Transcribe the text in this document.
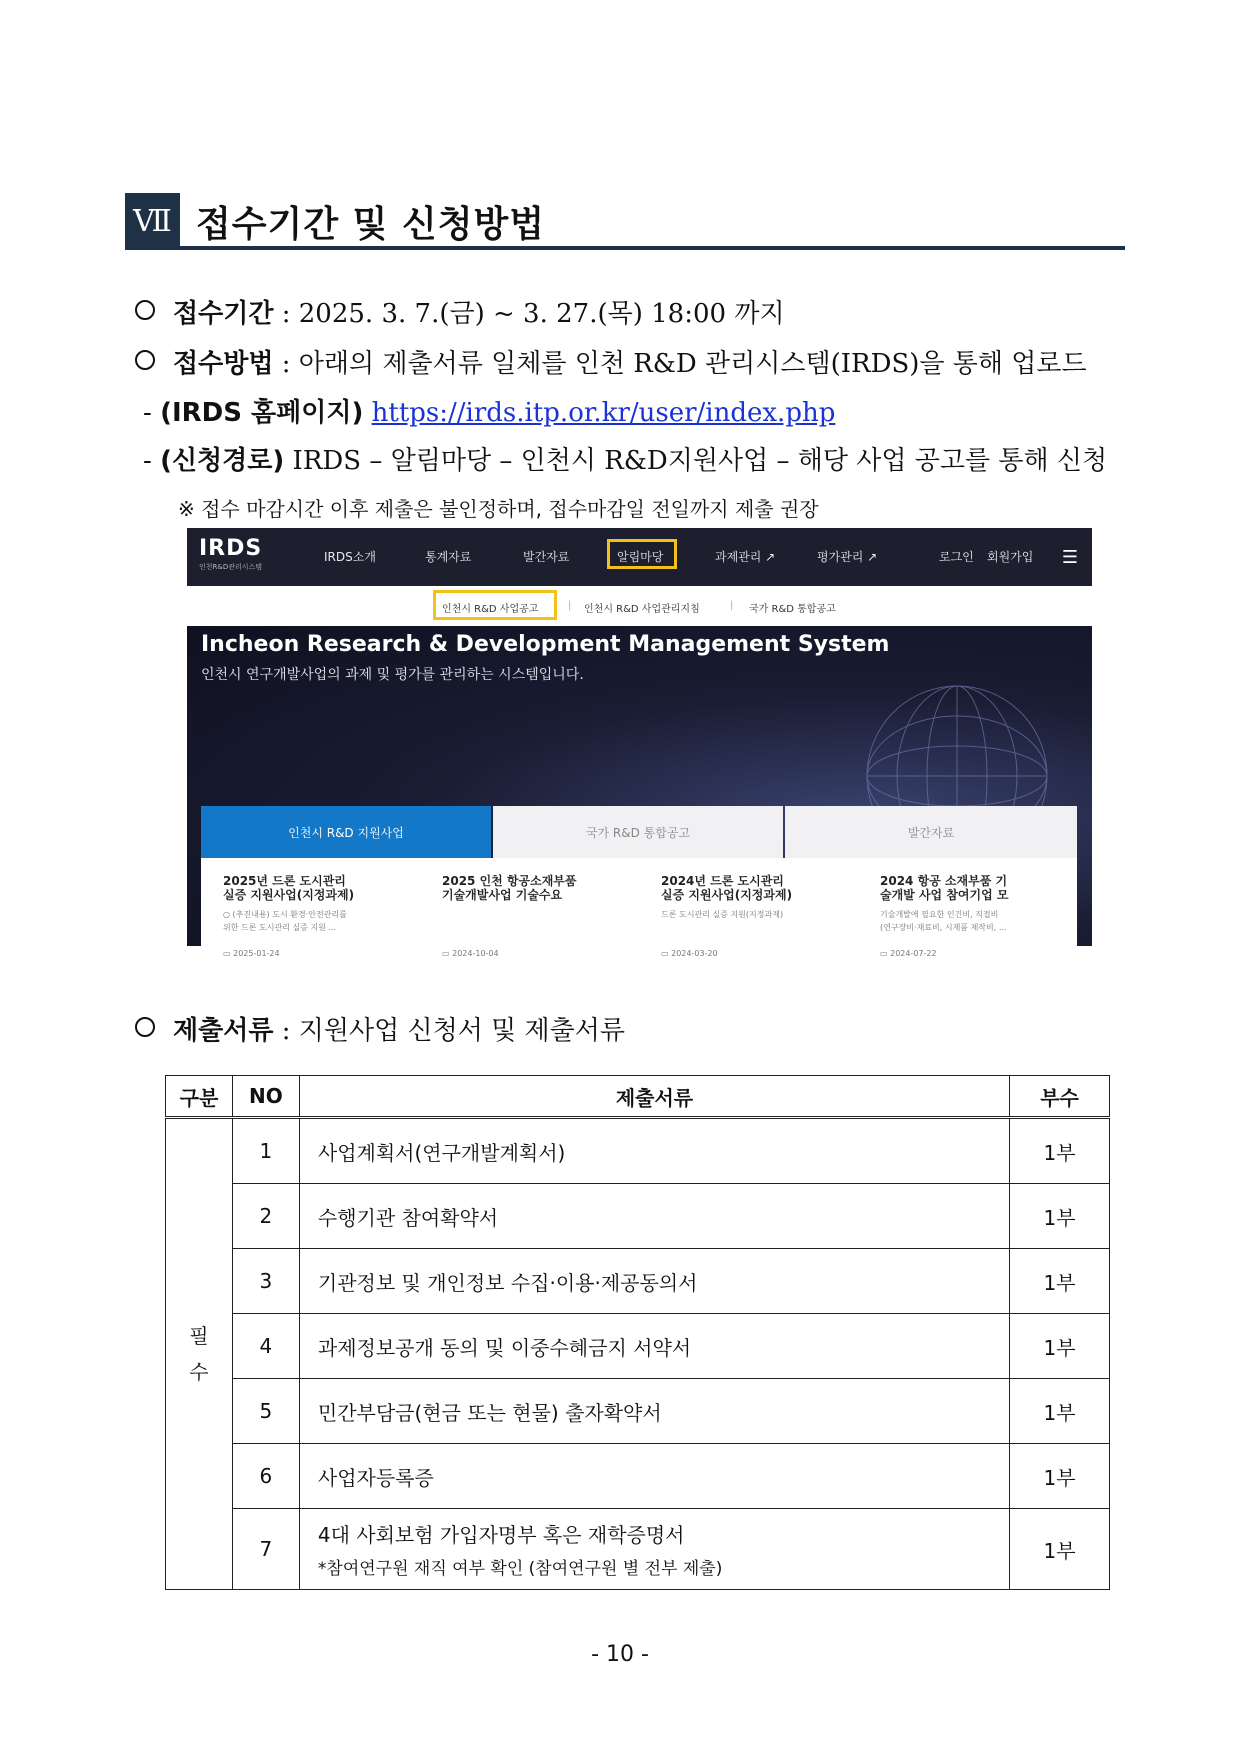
Ⅶ 접수기간 및 신청방법
접수기간 : 2025. 3. 7.(금) ~ 3. 27.(목) 18:00 까지
접수방법 : 아래의 제출서류 일체를 인천 R&D 관리시스템(IRDS)을 통해 업로드
- (IRDS 홈페이지) https://irds.itp.or.kr/user/index.php
- (신청경로) IRDS – 알림마당 – 인천시 R&D지원사업 – 해당 사업 공고를 통해 신청
※ 접수 마감시간 이후 제출은 불인정하며, 접수마감일 전일까지 제출 권장
IRDS
인천R&D관리시스템
IRDS소개	통계자료	발간자료	알림마당	과제관리 ↗	평가관리 ↗	로그인 회원가입 ☰
인천시 R&D 사업공고	| 인천시 R&D 사업관리지침	| 국가 R&D 통합공고
Incheon Research & Development Management System
인천시 연구개발사업의 과제 및 평가를 관리하는 시스템입니다.
인천시 R&D 지원사업	국가 R&D 통합공고	발간자료
2025년 드론 도시관리
실증 지원사업(지정과제)
○ (추진내용) 도시 환경·안전관리를
위한 드론 도시관리 실증 지원 ...

▭ 2025-01-24
2025 인천 항공소재부품
기술개발사업 기술수요

▭ 2024-10-04
2024년 드론 도시관리
실증 지원사업(지정과제)
드론 도시관리 실증 지원(지정과제)

▭ 2024-03-20
2024 항공 소재부품 기
술개발 사업 참여기업 모
기술개발에 필요한 인건비, 직접비
(연구장비·재료비, 시제품 제작비, ...

▭ 2024-07-22
제출서류 : 지원사업 신청서 및 제출서류
구분	NO	제출서류	부수
필수	1	사업계획서(연구개발계획서)	1부
	2	수행기관 참여확약서	1부
	3	기관정보 및 개인정보 수집·이용·제공동의서	1부
	4	과제정보공개 동의 및 이중수혜금지 서약서	1부
	5	민간부담금(현금 또는 현물) 출자확약서	1부
	6	사업자등록증	1부
	7	4대 사회보험 가입자명부 혹은 재학증명서
*참여연구원 재직 여부 확인 (참여연구원 별 전부 제출)	1부
- 10 -
